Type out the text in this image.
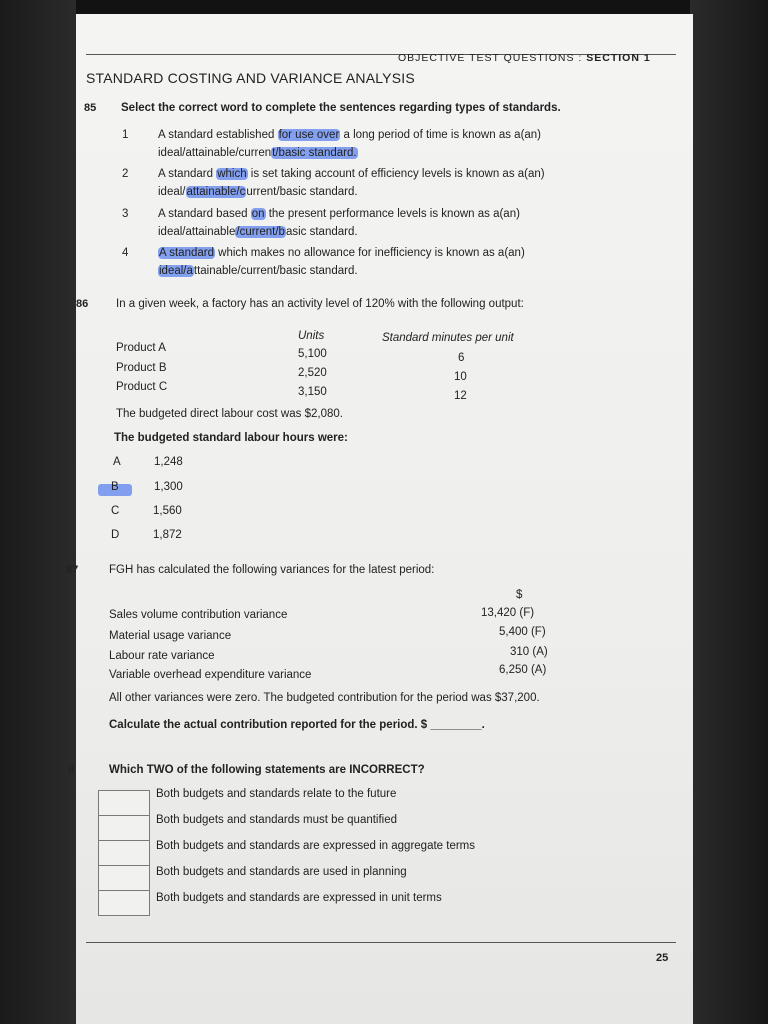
OBJECTIVE TEST QUESTIONS : SECTION 1
STANDARD COSTING AND VARIANCE ANALYSIS
85 Select the correct word to complete the sentences regarding types of standards.
1	A standard established for use over a long period of time is known as a(an)
ideal/attainable/current/basic standard.
2	A standard which is set taking account of efficiency levels is known as a(an)
ideal/attainable/current/basic standard.
3	A standard based on the present performance levels is known as a(an)
ideal/attainable/current/basic standard.
4	A standard which makes no allowance for inefficiency is known as a(an)
ideal/attainable/current/basic standard.
86 In a given week, a factory has an activity level of 120% with the following output:
Units	Standard minutes per unit
Product A	5,100	6
Product B	2,520	10
Product C	3,150	12
The budgeted direct labour cost was $2,080.
The budgeted standard labour hours were:
A	1,248
B	1,300
C	1,560
D	1,872
87	FGH has calculated the following variances for the latest period:
$
Sales volume contribution variance	13,420 (F)
Material usage variance	5,400 (F)
Labour rate variance	310 (A)
Variable overhead expenditure variance	6,250 (A)
All other variances were zero. The budgeted contribution for the period was $37,200.
Calculate the actual contribution reported for the period. $ ________.
8	Which TWO of the following statements are INCORRECT?
Both budgets and standards relate to the future
Both budgets and standards must be quantified
Both budgets and standards are expressed in aggregate terms
Both budgets and standards are used in planning
Both budgets and standards are expressed in unit terms
25
